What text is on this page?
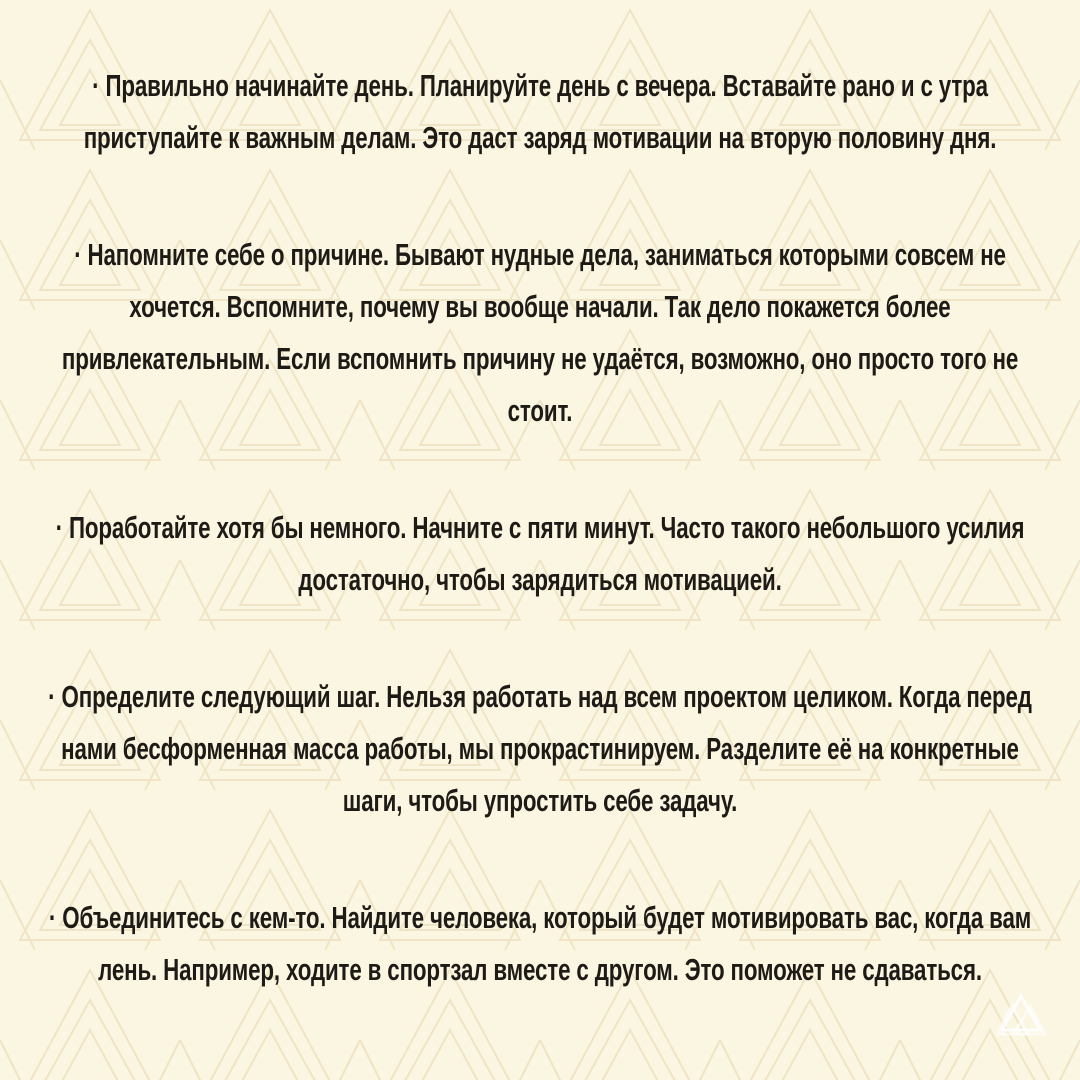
· Правильно начинайте день. Планируйте день с вечера. Вставайте рано и с утра приступайте к важным делам. Это даст заряд мотивации на вторую половину дня.

· Напомните себе о причине. Бывают нудные дела, заниматься которыми совсем не хочется. Вспомните, почему вы вообще начали. Так дело покажется более привлекательным. Если вспомнить причину не удаётся, возможно, оно просто того не стоит.

· Поработайте хотя бы немного. Начните с пяти минут. Часто такого небольшого усилия достаточно, чтобы зарядиться мотивацией.

· Определите следующий шаг. Нельзя работать над всем проектом целиком. Когда перед нами бесформенная масса работы, мы прокрастинируем. Разделите её на конкретные шаги, чтобы упростить себе задачу.

· Объединитесь с кем-то. Найдите человека, который будет мотивировать вас, когда вам лень. Например, ходите в спортзал вместе с другом. Это поможет не сдаваться.
